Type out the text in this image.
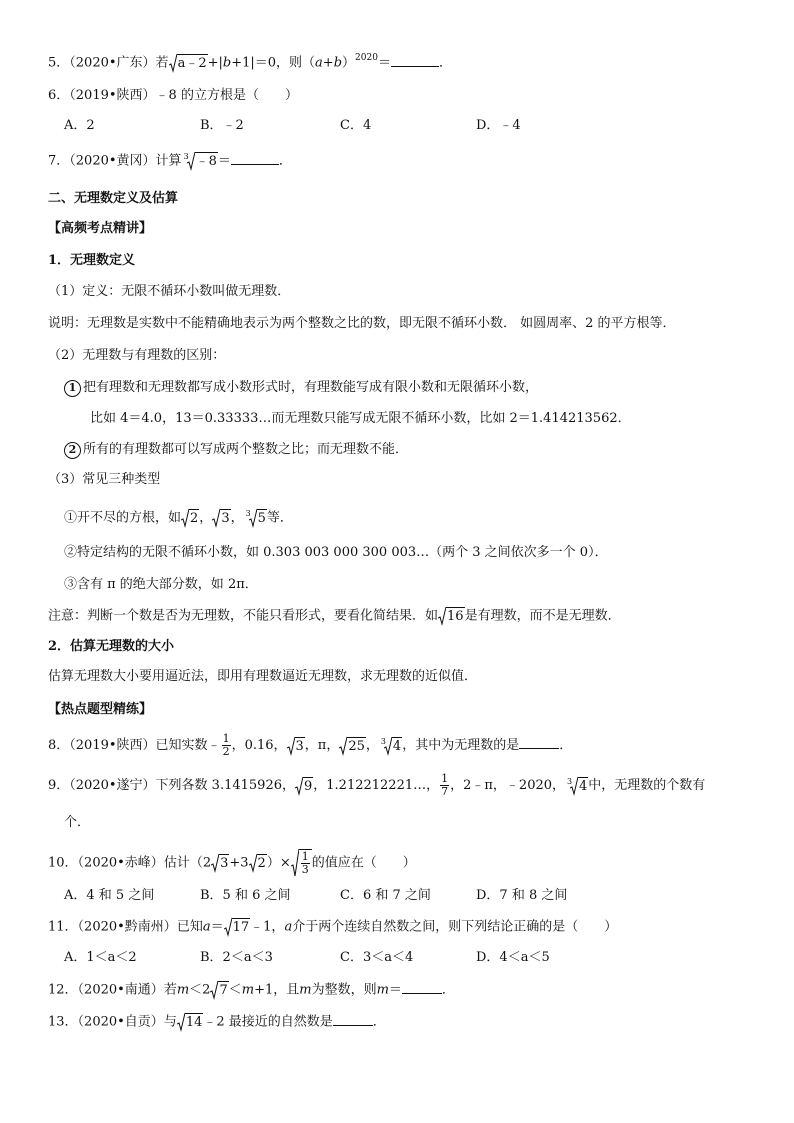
5．（2020•广东）若 a﹣2 +|b+1|＝0，则$(a+b)^{2020}=$	．
6．（2019•陕西）﹣8 的立方根是（　　）
A．2	B．﹣2	C．4	D．﹣4
7．（2020•黄冈）计算 3 ﹣8 ＝	．
二、无理数定义及估算
【高频考点精讲】
1．无理数定义
（1）定义：无限不循环小数叫做无理数．
说明：无理数是实数中不能精确地表示为两个整数之比的数，即无限不循环小数． 如圆周率、2 的平方根等．
（2）无理数与有理数的区别：
1 把有理数和无理数都写成小数形式时，有理数能写成有限小数和无限循环小数，
比如 4＝4.0，13＝0.33333…而无理数只能写成无限不循环小数，比如 2＝1.414213562．
2 所有的有理数都可以写成两个整数之比；而无理数不能．
（3）常见三种类型
①开不尽的方根，如 2 ， 3 ， 3 5 等．
②特定结构的无限不循环小数，如 0.303 003 000 300 003…（两个 3 之间依次多一个 0）．
③含有 π 的绝大部分数，如 2π．
注意：判断一个数是否为无理数，不能只看形式，要看化简结果．如 16 是有理数，而不是无理数．
2．估算无理数的大小
估算无理数大小要用逼近法，即用有理数逼近无理数，求无理数的近似值．
【热点题型精练】
8．（2019•陕西）已知实数﹣ $\frac{1}{2}$ ，0.16， 3 ，π， 25 ， 3 4 ，其中为无理数的是	．
9．（2020•遂宁）下列各数 3.1415926， 9 ，1.212212221…， $\frac{1}{7}$ ，2﹣π，﹣2020， 3 4 中，无理数的个数有
个．
10．（2020•赤峰）估计（2 3 +3 2 ）× $\frac{1}{3}$ 的值应在（　　）
A．4 和 5 之间	B．5 和 6 之间	C．6 和 7 之间	D．7 和 8 之间
11．（2020•黔南州）已知a＝ 17 ﹣1，a介于两个连续自然数之间，则下列结论正确的是（　　）
A．1＜a＜2	B．2＜a＜3	C．3＜a＜4	D．4＜a＜5
12．（2020•南通）若m＜2 7 ＜m+1，且m为整数，则m＝	．
13．（2020•自贡）与 14 ﹣2 最接近的自然数是	．
